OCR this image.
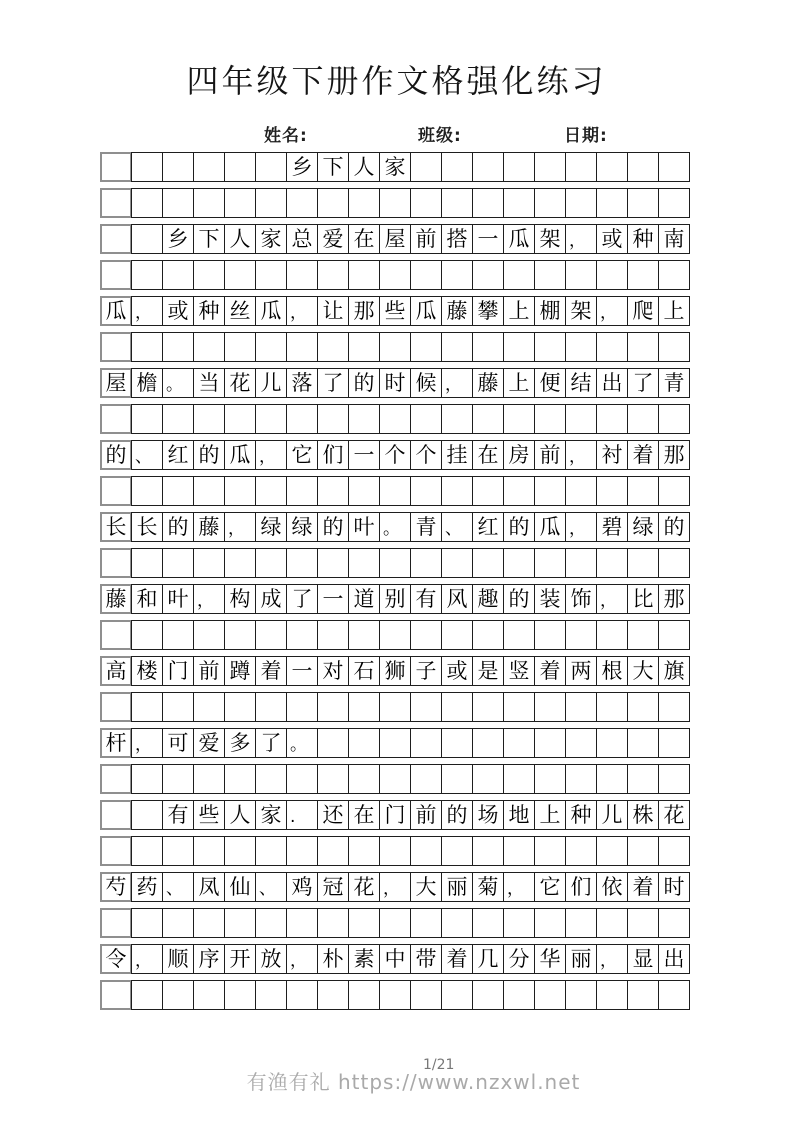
四年级下册作文格强化练习
姓名:	班级:	日期:
乡 下 人 家
乡 下 人 家 总 爱 在 屋 前 搭 一 瓜 架 ， 或 种 南
瓜 ， 或 种 丝 瓜 ， 让 那 些 瓜 藤 攀 上 棚 架 ， 爬 上
屋 檐 。 当 花 儿 落 了 的 时 候 ， 藤 上 便 结 出 了 青
的 、 红 的 瓜 ， 它 们 一 个 个 挂 在 房 前 ， 衬 着 那
长 长 的 藤 ， 绿 绿 的 叶 。 青 、 红 的 瓜 ， 碧 绿 的
藤 和 叶 ， 构 成 了 一 道 别 有 风 趣 的 装 饰 ， 比 那
高 楼 门 前 蹲 着 一 对 石 狮 子 或 是 竖 着 两 根 大 旗
杆 ， 可 爱 多 了 。
有 些 人 家 .	还 在 门 前 的 场 地 上 种 儿 株 花
芍 药 、 凤 仙 、 鸡 冠 花 ， 大 丽 菊 ， 它 们 依 着 时
令 ， 顺 序 开 放 ， 朴 素 中 带 着 几 分 华 丽 ， 显 出
1/21
有渔有礼 https://www.nzxwl.net
